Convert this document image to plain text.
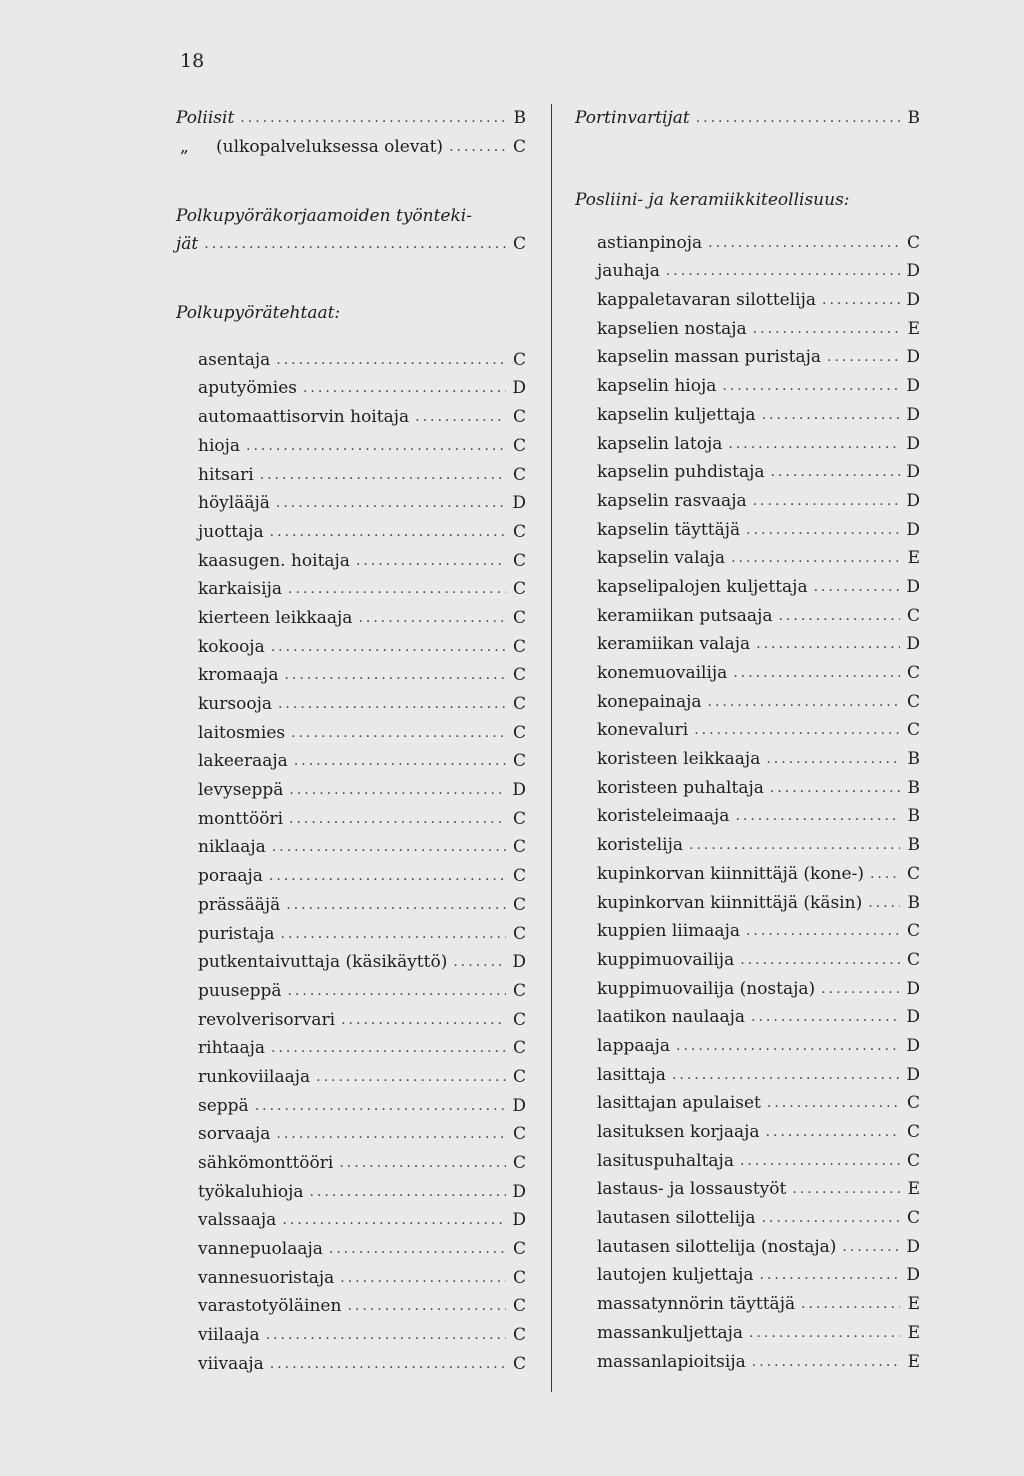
18
Poliisit .....	B
„ (ulkopalveluksessa olevat) .....	C
Polkupyöräkorjaamoiden työnteki-
jät .....	C
Polkupyörätehtaat:
asentaja .....	C
aputyömies .....	D
automaattisorvin hoitaja .....	C
hioja .....	C
hitsari .....	C
höylääjä .....	D
juottaja .....	C
kaasugen. hoitaja .....	C
karkaisija .....	C
kierteen leikkaaja .....	C
kokooja .....	C
kromaaja .....	C
kursooja .....	C
laitosmies .....	C
lakeeraaja .....	C
levyseppä .....	D
monttööri .....	C
niklaaja .....	C
poraaja .....	C
prässääjä .....	C
puristaja .....	C
putkentaivuttaja (käsikäyttö) .....	D
puuseppä .....	C
revolverisorvari .....	C
rihtaaja .....	C
runkoviilaaja .....	C
seppä .....	D
sorvaaja .....	C
sähkömonttööri .....	C
työkaluhioja .....	D
valssaaja .....	D
vannepuolaaja .....	C
vannesuoristaja .....	C
varastotyöläinen .....	C
viilaaja .....	C
viivaaja .....	C
Portinvartijat .....	B
Posliini- ja keramiikkiteollisuus:
astianpinoja .....	C
jauhaja .....	D
kappaletavaran silottelija .....	D
kapselien nostaja .....	E
kapselin massan puristaja .....	D
kapselin hioja .....	D
kapselin kuljettaja .....	D
kapselin latoja .....	D
kapselin puhdistaja .....	D
kapselin rasvaaja .....	D
kapselin täyttäjä .....	D
kapselin valaja .....	E
kapselipalojen kuljettaja .....	D
keramiikan putsaaja .....	C
keramiikan valaja .....	D
konemuovailija .....	C
konepainaja .....	C
konevaluri .....	C
koristeen leikkaaja .....	B
koristeen puhaltaja .....	B
koristeleimaaja .....	B
koristelija .....	B
kupinkorvan kiinnittäjä (kone-) .....	C
kupinkorvan kiinnittäjä (käsin) .....	B
kuppien liimaaja .....	C
kuppimuovailija .....	C
kuppimuovailija (nostaja) .....	D
laatikon naulaaja .....	D
lappaaja .....	D
lasittaja .....	D
lasittajan apulaiset .....	C
lasituksen korjaaja .....	C
lasituspuhaltaja .....	C
lastaus- ja lossaustyöt .....	E
lautasen silottelija .....	C
lautasen silottelija (nostaja) .....	D
lautojen kuljettaja .....	D
massatynnörin täyttäjä .....	E
massankuljettaja .....	E
massanlapioitsija .....	E
